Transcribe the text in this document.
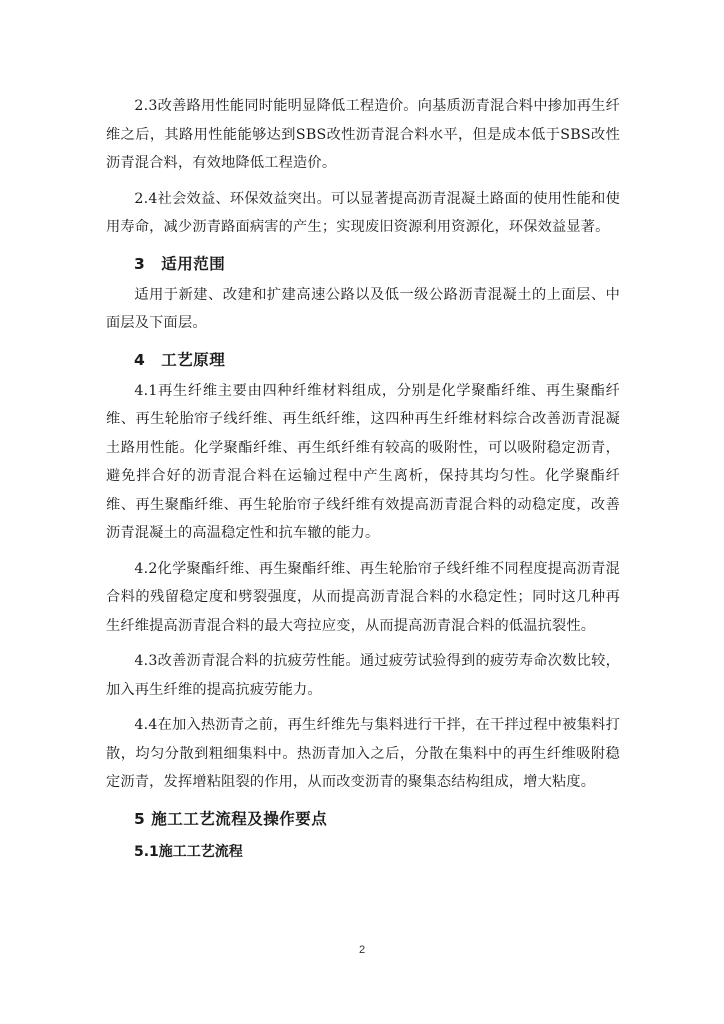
2.3改善路用性能同时能明显降低工程造价。向基质沥青混合料中掺加再生纤维之后，其路用性能能够达到SBS改性沥青混合料水平，但是成本低于SBS改性沥青混合料，有效地降低工程造价。

2.4社会效益、环保效益突出。可以显著提高沥青混凝土路面的使用性能和使用寿命，减少沥青路面病害的产生；实现废旧资源利用资源化，环保效益显著。

3 适用范围

适用于新建、改建和扩建高速公路以及低一级公路沥青混凝土的上面层、中面层及下面层。

4 工艺原理

4.1再生纤维主要由四种纤维材料组成，分别是化学聚酯纤维、再生聚酯纤维、再生轮胎帘子线纤维、再生纸纤维，这四种再生纤维材料综合改善沥青混凝土路用性能。化学聚酯纤维、再生纸纤维有较高的吸附性，可以吸附稳定沥青，避免拌合好的沥青混合料在运输过程中产生离析，保持其均匀性。化学聚酯纤维、再生聚酯纤维、再生轮胎帘子线纤维有效提高沥青混合料的动稳定度，改善沥青混凝土的高温稳定性和抗车辙的能力。

4.2化学聚酯纤维、再生聚酯纤维、再生轮胎帘子线纤维不同程度提高沥青混合料的残留稳定度和劈裂强度，从而提高沥青混合料的水稳定性；同时这几种再生纤维提高沥青混合料的最大弯拉应变，从而提高沥青混合料的低温抗裂性。

4.3改善沥青混合料的抗疲劳性能。通过疲劳试验得到的疲劳寿命次数比较，加入再生纤维的提高抗疲劳能力。

4.4在加入热沥青之前，再生纤维先与集料进行干拌，在干拌过程中被集料打散，均匀分散到粗细集料中。热沥青加入之后，分散在集料中的再生纤维吸附稳定沥青，发挥增粘阻裂的作用，从而改变沥青的聚集态结构组成，增大粘度。

5 施工工艺流程及操作要点
5.1施工工艺流程
2
